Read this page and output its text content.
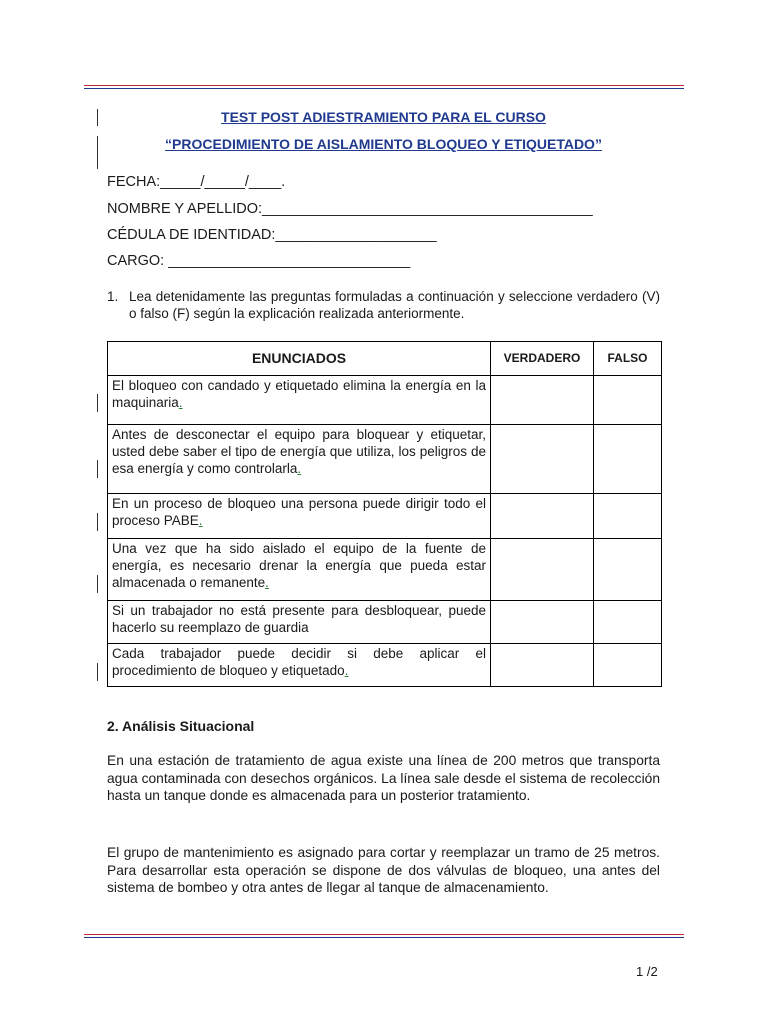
TEST POST ADIESTRAMIENTO PARA EL CURSO
“PROCEDIMIENTO DE AISLAMIENTO BLOQUEO Y ETIQUETADO”
FECHA:_____/_____/____.
NOMBRE Y APELLIDO:_________________________________________
CÉDULA DE IDENTIDAD:____________________
CARGO: ______________________________
1. Lea detenidamente las preguntas formuladas a continuación y seleccione verdadero (V) o falso (F) según la explicación realizada anteriormente.
ENUNCIADOS	VERDADERO	FALSO
El bloqueo con candado y etiquetado elimina la energía en la maquinaria.		
Antes de desconectar el equipo para bloquear y etiquetar, usted debe saber el tipo de energía que utiliza, los peligros de esa energía y como controlarla.		
En un proceso de bloqueo una persona puede dirigir todo el proceso PABE.		
Una vez que ha sido aislado el equipo de la fuente de energía, es necesario drenar la energía que pueda estar almacenada o remanente.		
Si un trabajador no está presente para desbloquear, puede hacerlo su reemplazo de guardia		
Cada trabajador puede decidir si debe aplicar el procedimiento de bloqueo y etiquetado.		
2. Análisis Situacional
En una estación de tratamiento de agua existe una línea de 200 metros que transporta agua contaminada con desechos orgánicos. La línea sale desde el sistema de recolección hasta un tanque donde es almacenada para un posterior tratamiento.
El grupo de mantenimiento es asignado para cortar y reemplazar un tramo de 25 metros. Para desarrollar esta operación se dispone de dos válvulas de bloqueo, una antes del sistema de bombeo y otra antes de llegar al tanque de almacenamiento.
1 /2
